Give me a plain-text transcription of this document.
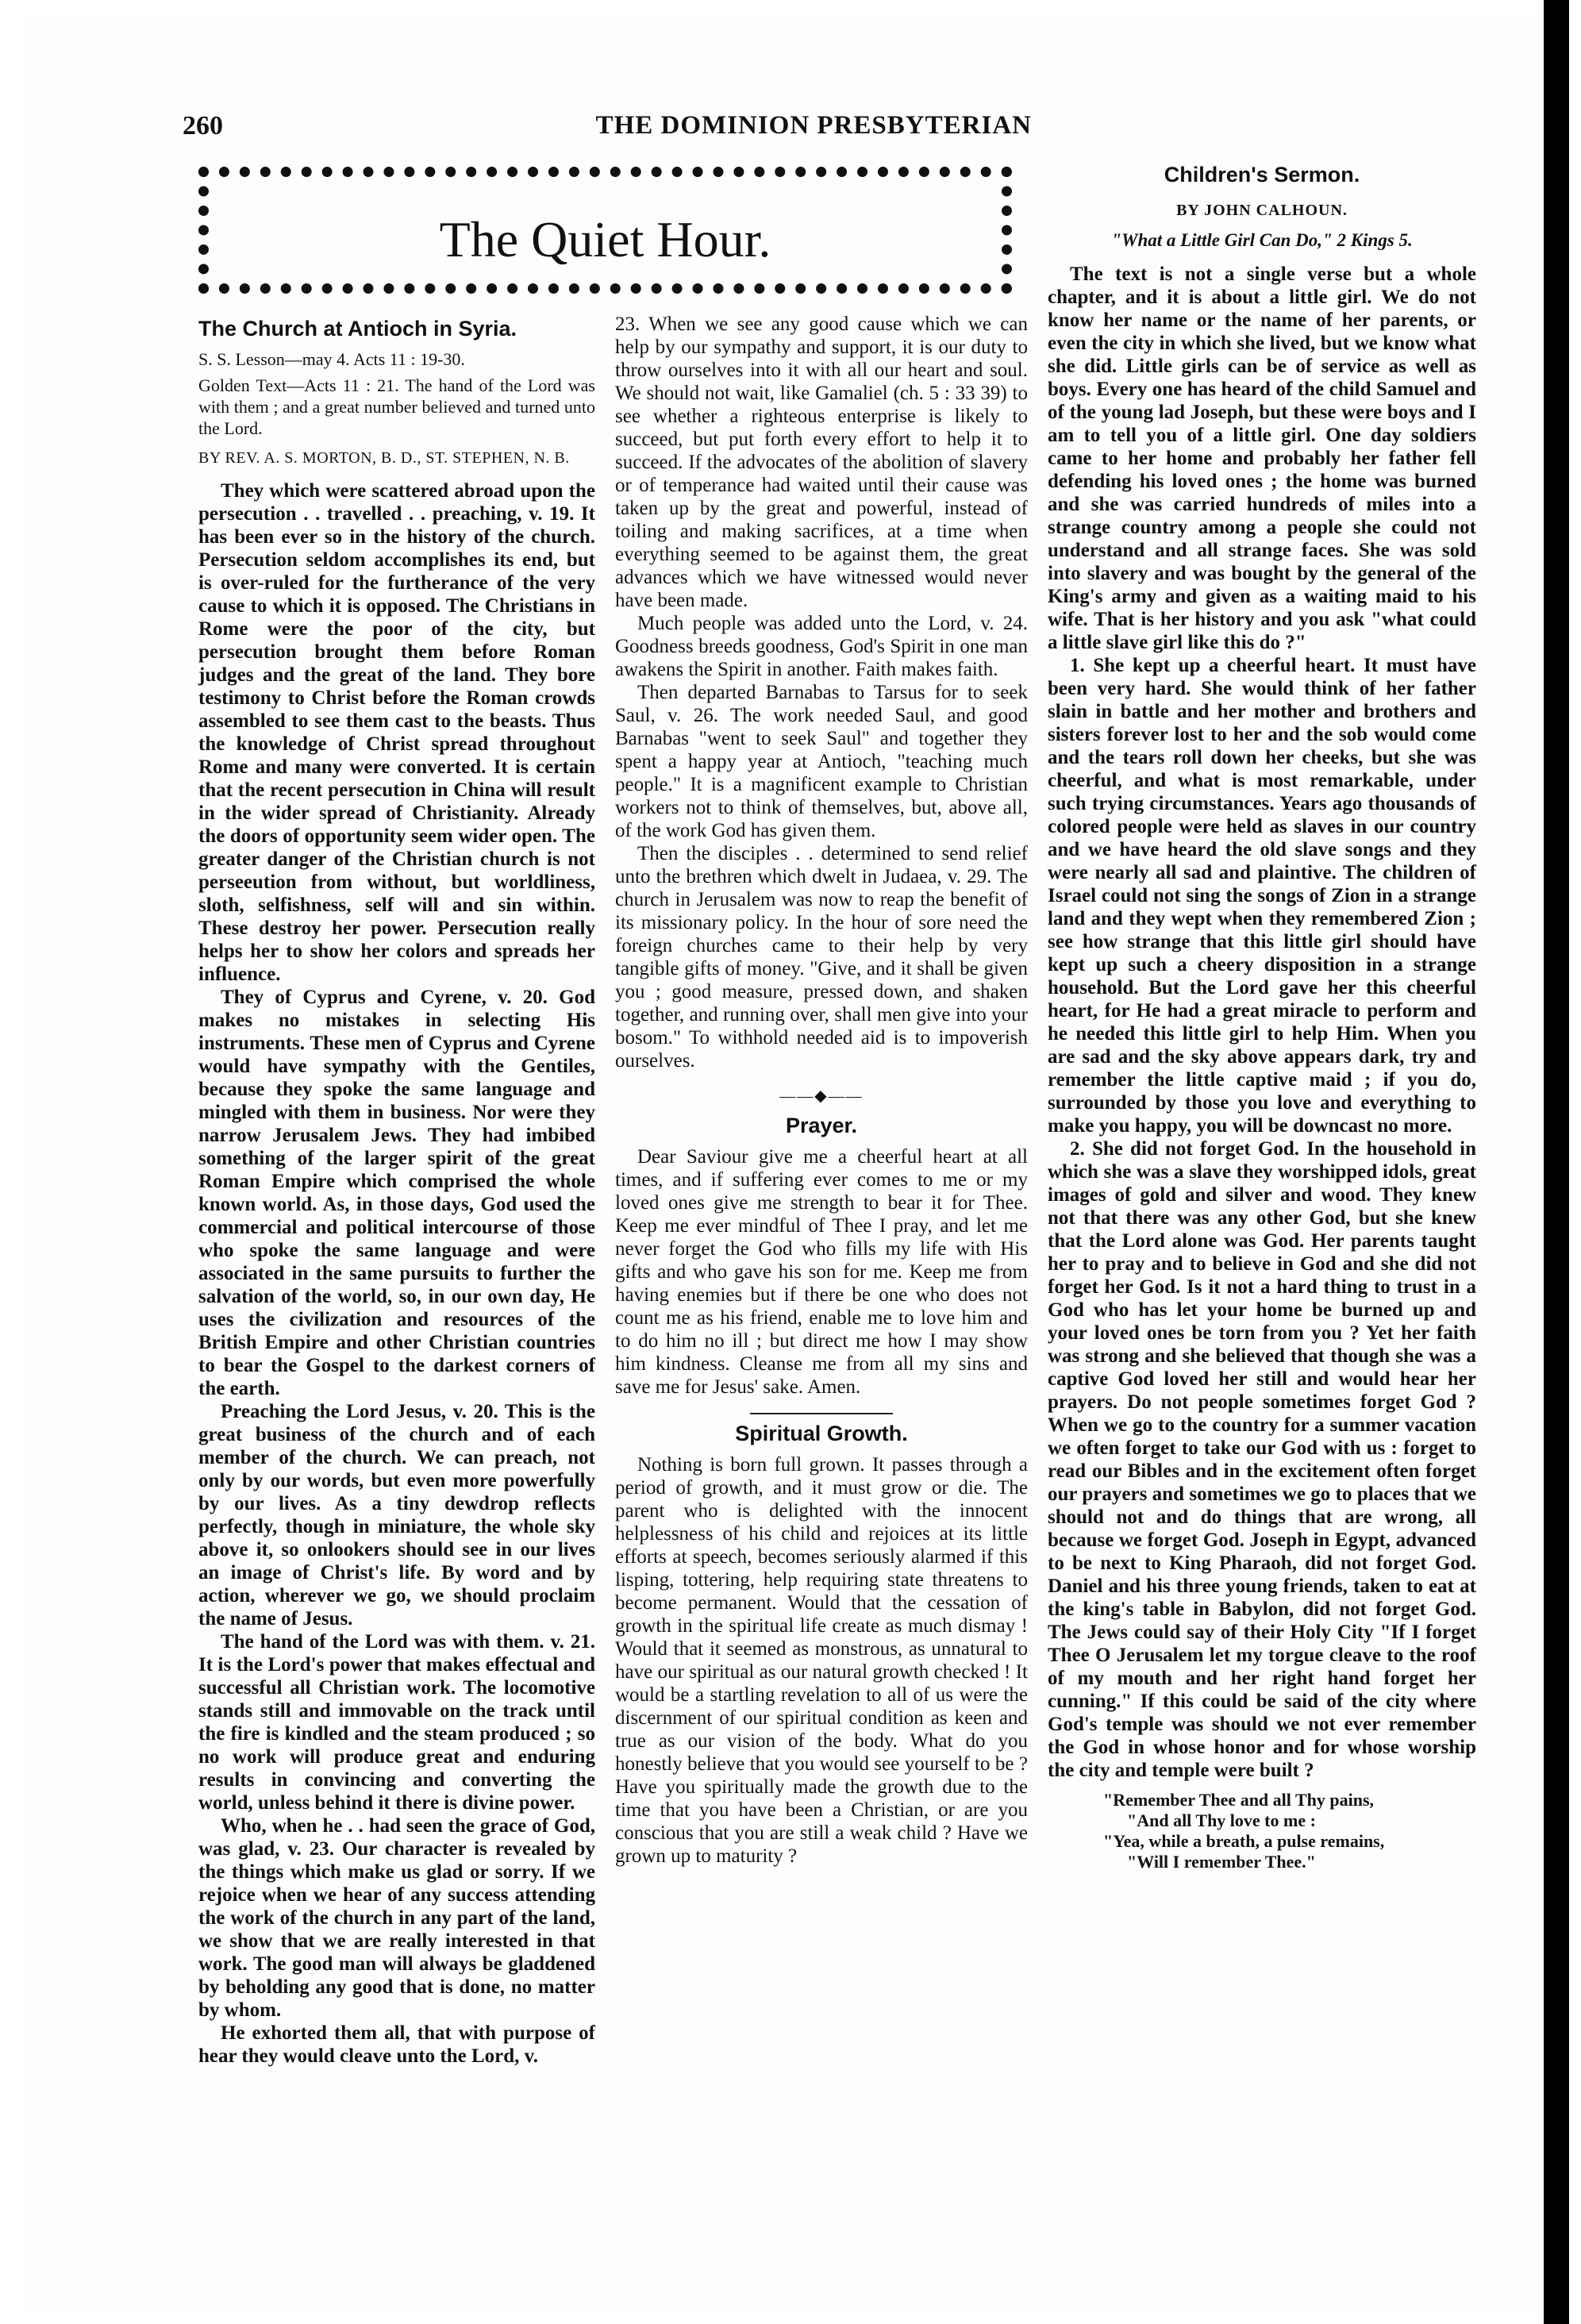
260	THE DOMINION PRESBYTERIAN
The Quiet Hour.

The Church at Antioch in Syria.

S. S. Lesson—may 4. Acts 11 : 19-30.

Golden Text—Acts 11 : 21. The hand of the Lord was with them ; and a great number believed and turned unto the Lord.

BY REV. A. S. MORTON, B. D., ST. STEPHEN, N. B.

They which were scattered abroad upon the persecution . . travelled . . preaching, v. 19. It has been ever so in the history of the church. Persecution seldom accomplishes its end, but is over-ruled for the furtherance of the very cause to which it is opposed. The Christians in Rome were the poor of the city, but persecution brought them before Roman judges and the great of the land. They bore testimony to Christ before the Roman crowds assembled to see them cast to the beasts. Thus the knowledge of Christ spread throughout Rome and many were converted. It is certain that the recent persecution in China will result in the wider spread of Christianity. Already the doors of opportunity seem wider open. The greater danger of the Christian church is not perseeution from without, but worldliness, sloth, selfishness, self will and sin within. These destroy her power. Persecution really helps her to show her colors and spreads her influence.

They of Cyprus and Cyrene, v. 20. God makes no mistakes in selecting His instruments. These men of Cyprus and Cyrene would have sympathy with the Gentiles, because they spoke the same language and mingled with them in business. Nor were they narrow Jerusalem Jews. They had imbibed something of the larger spirit of the great Roman Empire which comprised the whole known world. As, in those days, God used the commercial and political intercourse of those who spoke the same language and were associated in the same pursuits to further the salvation of the world, so, in our own day, He uses the civilization and resources of the British Empire and other Christian countries to bear the Gospel to the darkest corners of the earth.

Preaching the Lord Jesus, v. 20. This is the great business of the church and of each member of the church. We can preach, not only by our words, but even more powerfully by our lives. As a tiny dewdrop reflects perfectly, though in miniature, the whole sky above it, so onlookers should see in our lives an image of Christ's life. By word and by action, wherever we go, we should proclaim the name of Jesus.

The hand of the Lord was with them. v. 21. It is the Lord's power that makes effectual and successful all Christian work. The locomotive stands still and immovable on the track until the fire is kindled and the steam produced ; so no work will produce great and enduring results in convincing and converting the world, unless behind it there is divine power.

Who, when he . . had seen the grace of God, was glad, v. 23. Our character is revealed by the things which make us glad or sorry. If we rejoice when we hear of any success attending the work of the church in any part of the land, we show that we are really interested in that work. The good man will always be gladdened by beholding any good that is done, no matter by whom.

He exhorted them all, that with purpose of hear they would cleave unto the Lord, v.

23. When we see any good cause which we can help by our sympathy and support, it is our duty to throw ourselves into it with all our heart and soul. We should not wait, like Gamaliel (ch. 5 : 33 39) to see whether a righteous enterprise is likely to succeed, but put forth every effort to help it to succeed. If the advocates of the abolition of slavery or of temperance had waited until their cause was taken up by the great and powerful, instead of toiling and making sacrifices, at a time when everything seemed to be against them, the great advances which we have witnessed would never have been made.

Much people was added unto the Lord, v. 24. Goodness breeds goodness, God's Spirit in one man awakens the Spirit in another. Faith makes faith.

Then departed Barnabas to Tarsus for to seek Saul, v. 26. The work needed Saul, and good Barnabas "went to seek Saul" and together they spent a happy year at Antioch, "teaching much people." It is a magnificent example to Christian workers not to think of themselves, but, above all, of the work God has given them.

Then the disciples . . determined to send relief unto the brethren which dwelt in Judaea, v. 29. The church in Jerusalem was now to reap the benefit of its missionary policy. In the hour of sore need the foreign churches came to their help by very tangible gifts of money. "Give, and it shall be given you ; good measure, pressed down, and shaken together, and running over, shall men give into your bosom." To withhold needed aid is to impoverish ourselves.

——◆——

Prayer.

Dear Saviour give me a cheerful heart at all times, and if suffering ever comes to me or my loved ones give me strength to bear it for Thee. Keep me ever mindful of Thee I pray, and let me never forget the God who fills my life with His gifts and who gave his son for me. Keep me from having enemies but if there be one who does not count me as his friend, enable me to love him and to do him no ill ; but direct me how I may show him kindness. Cleanse me from all my sins and save me for Jesus' sake. Amen.

Spiritual Growth.

Nothing is born full grown. It passes through a period of growth, and it must grow or die. The parent who is delighted with the innocent helplessness of his child and rejoices at its little efforts at speech, becomes seriously alarmed if this lisping, tottering, help requiring state threatens to become permanent. Would that the cessation of growth in the spiritual life create as much dismay ! Would that it seemed as monstrous, as unnatural to have our spiritual as our natural growth checked ! It would be a startling revelation to all of us were the discernment of our spiritual condition as keen and true as our vision of the body. What do you honestly believe that you would see yourself to be ? Have you spiritually made the growth due to the time that you have been a Christian, or are you conscious that you are still a weak child ? Have we grown up to maturity ?

Children's Sermon.

BY JOHN CALHOUN.

"What a Little Girl Can Do," 2 Kings 5.

The text is not a single verse but a whole chapter, and it is about a little girl. We do not know her name or the name of her parents, or even the city in which she lived, but we know what she did. Little girls can be of service as well as boys. Every one has heard of the child Samuel and of the young lad Joseph, but these were boys and I am to tell you of a little girl. One day soldiers came to her home and probably her father fell defending his loved ones ; the home was burned and she was carried hundreds of miles into a strange country among a people she could not understand and all strange faces. She was sold into slavery and was bought by the general of the King's army and given as a waiting maid to his wife. That is her history and you ask "what could a little slave girl like this do ?"

1. She kept up a cheerful heart. It must have been very hard. She would think of her father slain in battle and her mother and brothers and sisters forever lost to her and the sob would come and the tears roll down her cheeks, but she was cheerful, and what is most remarkable, under such trying circumstances. Years ago thousands of colored people were held as slaves in our country and we have heard the old slave songs and they were nearly all sad and plaintive. The children of Israel could not sing the songs of Zion in a strange land and they wept when they remembered Zion ; see how strange that this little girl should have kept up such a cheery disposition in a strange household. But the Lord gave her this cheerful heart, for He had a great miracle to perform and he needed this little girl to help Him. When you are sad and the sky above appears dark, try and remember the little captive maid ; if you do, surrounded by those you love and everything to make you happy, you will be downcast no more.

2. She did not forget God. In the household in which she was a slave they worshipped idols, great images of gold and silver and wood. They knew not that there was any other God, but she knew that the Lord alone was God. Her parents taught her to pray and to believe in God and she did not forget her God. Is it not a hard thing to trust in a God who has let your home be burned up and your loved ones be torn from you ? Yet her faith was strong and she believed that though she was a captive God loved her still and would hear her prayers. Do not people sometimes forget God ? When we go to the country for a summer vacation we often forget to take our God with us : forget to read our Bibles and in the excitement often forget our prayers and sometimes we go to places that we should not and do things that are wrong, all because we forget God. Joseph in Egypt, advanced to be next to King Pharaoh, did not forget God. Daniel and his three young friends, taken to eat at the king's table in Babylon, did not forget God. The Jews could say of their Holy City "If I forget Thee O Jerusalem let my torgue cleave to the roof of my mouth and her right hand forget her cunning." If this could be said of the city where God's temple was should we not ever remember the God in whose honor and for whose worship the city and temple were built ?

"Remember Thee and all Thy pains,
"And all Thy love to me :
"Yea, while a breath, a pulse remains,
"Will I remember Thee."
